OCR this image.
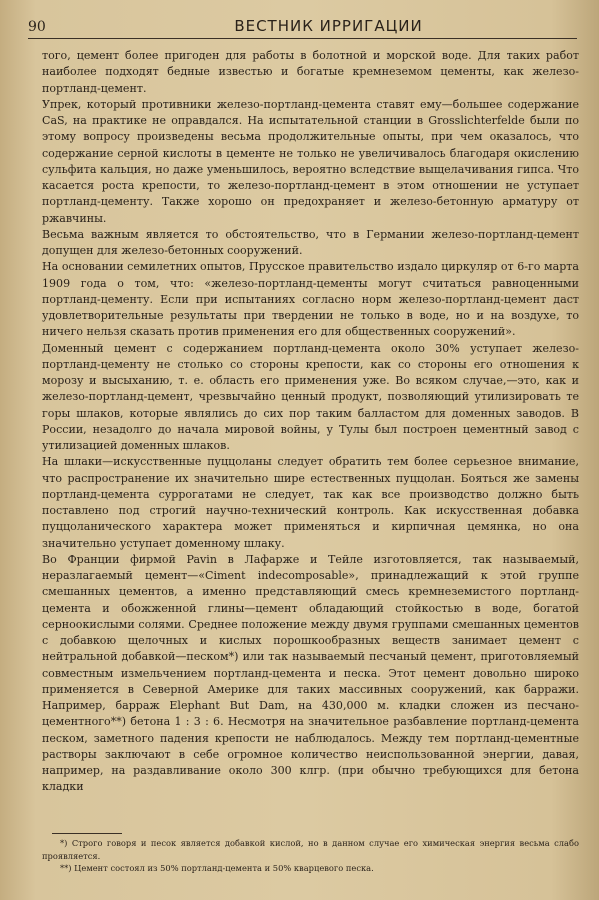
90	ВЕСТНИК ИРРИГАЦИИ

того, цемент более пригоден для работы в болотной и морской воде. Для таких работ наиболее подходят бедные известью и богатые кремнеземом цементы, как железо-портланд-цемент.

Упрек, который противники железо-портланд-цемента ставят ему—большее содержание CaS, на практике не оправдался. На испытательной станции в Grosslichterfelde были по этому вопросу произведены весьма продолжительные опыты, при чем оказалось, что содержание серной кислоты в цементе не только не увеличивалось благодаря окислению сульфита кальция, но даже уменьшилось, вероятно вследствие выщелачивания гипса. Что касается роста крепости, то железо-портланд-цемент в этом отношении не уступает портланд-цементу. Также хорошо он предохраняет и железо-бетонную арматуру от ржавчины.

Весьма важным является то обстоятельство, что в Германии железо-портланд-цемент допущен для железо-бетонных сооружений.

На основании семилетних опытов, Прусское правительство издало циркуляр от 6-го марта 1909 года о том, что: «железо-портланд-цементы могут считаться равноценными портланд-цементу. Если при испытаниях согласно норм железо-портланд-цемент даст удовлетворительные результаты при твердении не только в воде, но и на воздухе, то ничего нельзя сказать против применения его для общественных сооружений».

Доменный цемент с содержанием портланд-цемента около 30% уступает железо-портланд-цементу не столько со стороны крепости, как со стороны его отношения к морозу и высыханию, т. е. область его применения уже. Во всяком случае,—это, как и железо-портланд-цемент, чрезвычайно ценный продукт, позволяющий утилизировать те горы шлаков, которые являлись до сих пор таким балластом для доменных заводов. В России, незадолго до начала мировой войны, у Тулы был построен цементный завод с утилизацией доменных шлаков.

На шлаки—искусственные пуццоланы следует обратить тем более серьезное внимание, что распространение их значительно шире естественных пуццолан. Бояться же замены портланд-цемента суррогатами не следует, так как все производство должно быть поставлено под строгий научно-технический контроль. Как искусственная добавка пуццоланического характера может применяться и кирпичная цемянка, но она значительно уступает доменному шлаку.

Во Франции фирмой Pavin в Лафарже и Тейле изготовляется, так называемый, неразлагаемый цемент—«Ciment indecomposable», принадлежащий к этой группе смешанных цементов, а именно представляющий смесь кремнеземистого портланд-цемента и обожженной глины—цемент обладающий стойкостью в воде, богатой серноокислыми солями. Среднее положение между двумя группами смешанных цементов с добавкою щелочных и кислых порошкообразных веществ занимает цемент с нейтральной добавкой—песком*) или так называемый песчаный цемент, приготовляемый совместным измельчением портланд-цемента и песка. Этот цемент довольно широко применяется в Северной Америке для таких массивных сооружений, как барражи. Например, барраж Elephant But Dam, на 430,000 м. кладки сложен из песчано-цементного**) бетона 1 : 3 : 6. Несмотря на значительное разбавление портланд-цемента песком, заметного падения крепости не наблюдалось. Между тем портланд-цементные растворы заключают в себе огромное количество неиспользованной энергии, давая, например, на раздавливание около 300 клгр. (при обычно требующихся для бетона кладки

*) Строго говоря и песок является добавкой кислой, но в данном случае его химическая энергия весьма слабо проявляется.

**) Цемент состоял из 50% портланд-цемента и 50% кварцевого песка.
